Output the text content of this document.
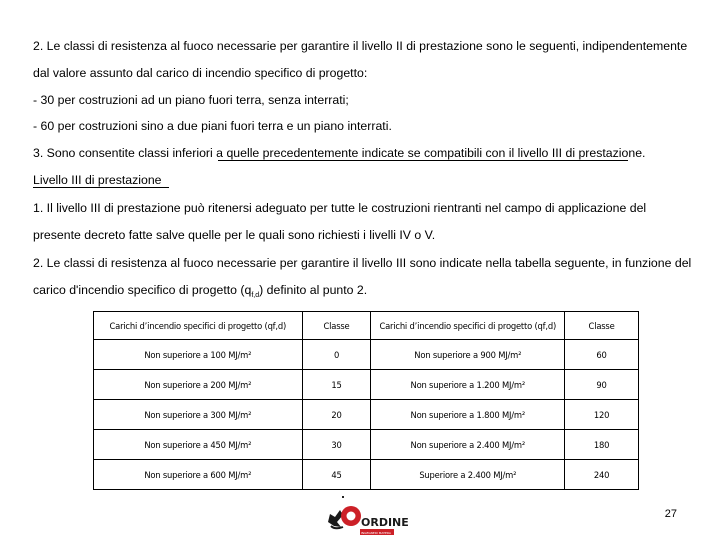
2. Le classi di resistenza al fuoco necessarie per garantire il livello II di prestazione sono le seguenti, indipendentemente
dal valore assunto dal carico di incendio specifico di progetto:
- 30 per costruzioni ad un piano fuori terra, senza interrati;
- 60 per costruzioni sino a due piani fuori terra e un piano interrati.
3. Sono consentite classi inferiori a quelle precedentemente indicate se compatibili con il livello III di prestazione.
Livello III di prestazione
1. Il livello III di prestazione può ritenersi adeguato per tutte le costruzioni rientranti nel campo di applicazione del
presente decreto fatte salve quelle per le quali sono richiesti i livelli IV o V.
2. Le classi di resistenza al fuoco necessarie per garantire il livello III sono indicate nella tabella seguente, in funzione del
carico d'incendio specifico di progetto $(q_{f,d})$ definito al punto 2.
Carichi d’incendio specifici di progetto (qf,d)	Classe	Carichi d’incendio specifici di progetto (qf,d)	Classe
Non superiore a 100 MJ/m²	0	Non superiore a 900 MJ/m²	60
Non superiore a 200 MJ/m²	15	Non superiore a 1.200 MJ/m²	90
Non superiore a 300 MJ/m²	20	Non superiore a 1.800 MJ/m²	120
Non superiore a 450 MJ/m²	30	Non superiore a 2.400 MJ/m²	180
Non superiore a 600 MJ/m²	45	Superiore a 2.400 MJ/m²	240
ORDINE
INGEGNERI MATERA
27
